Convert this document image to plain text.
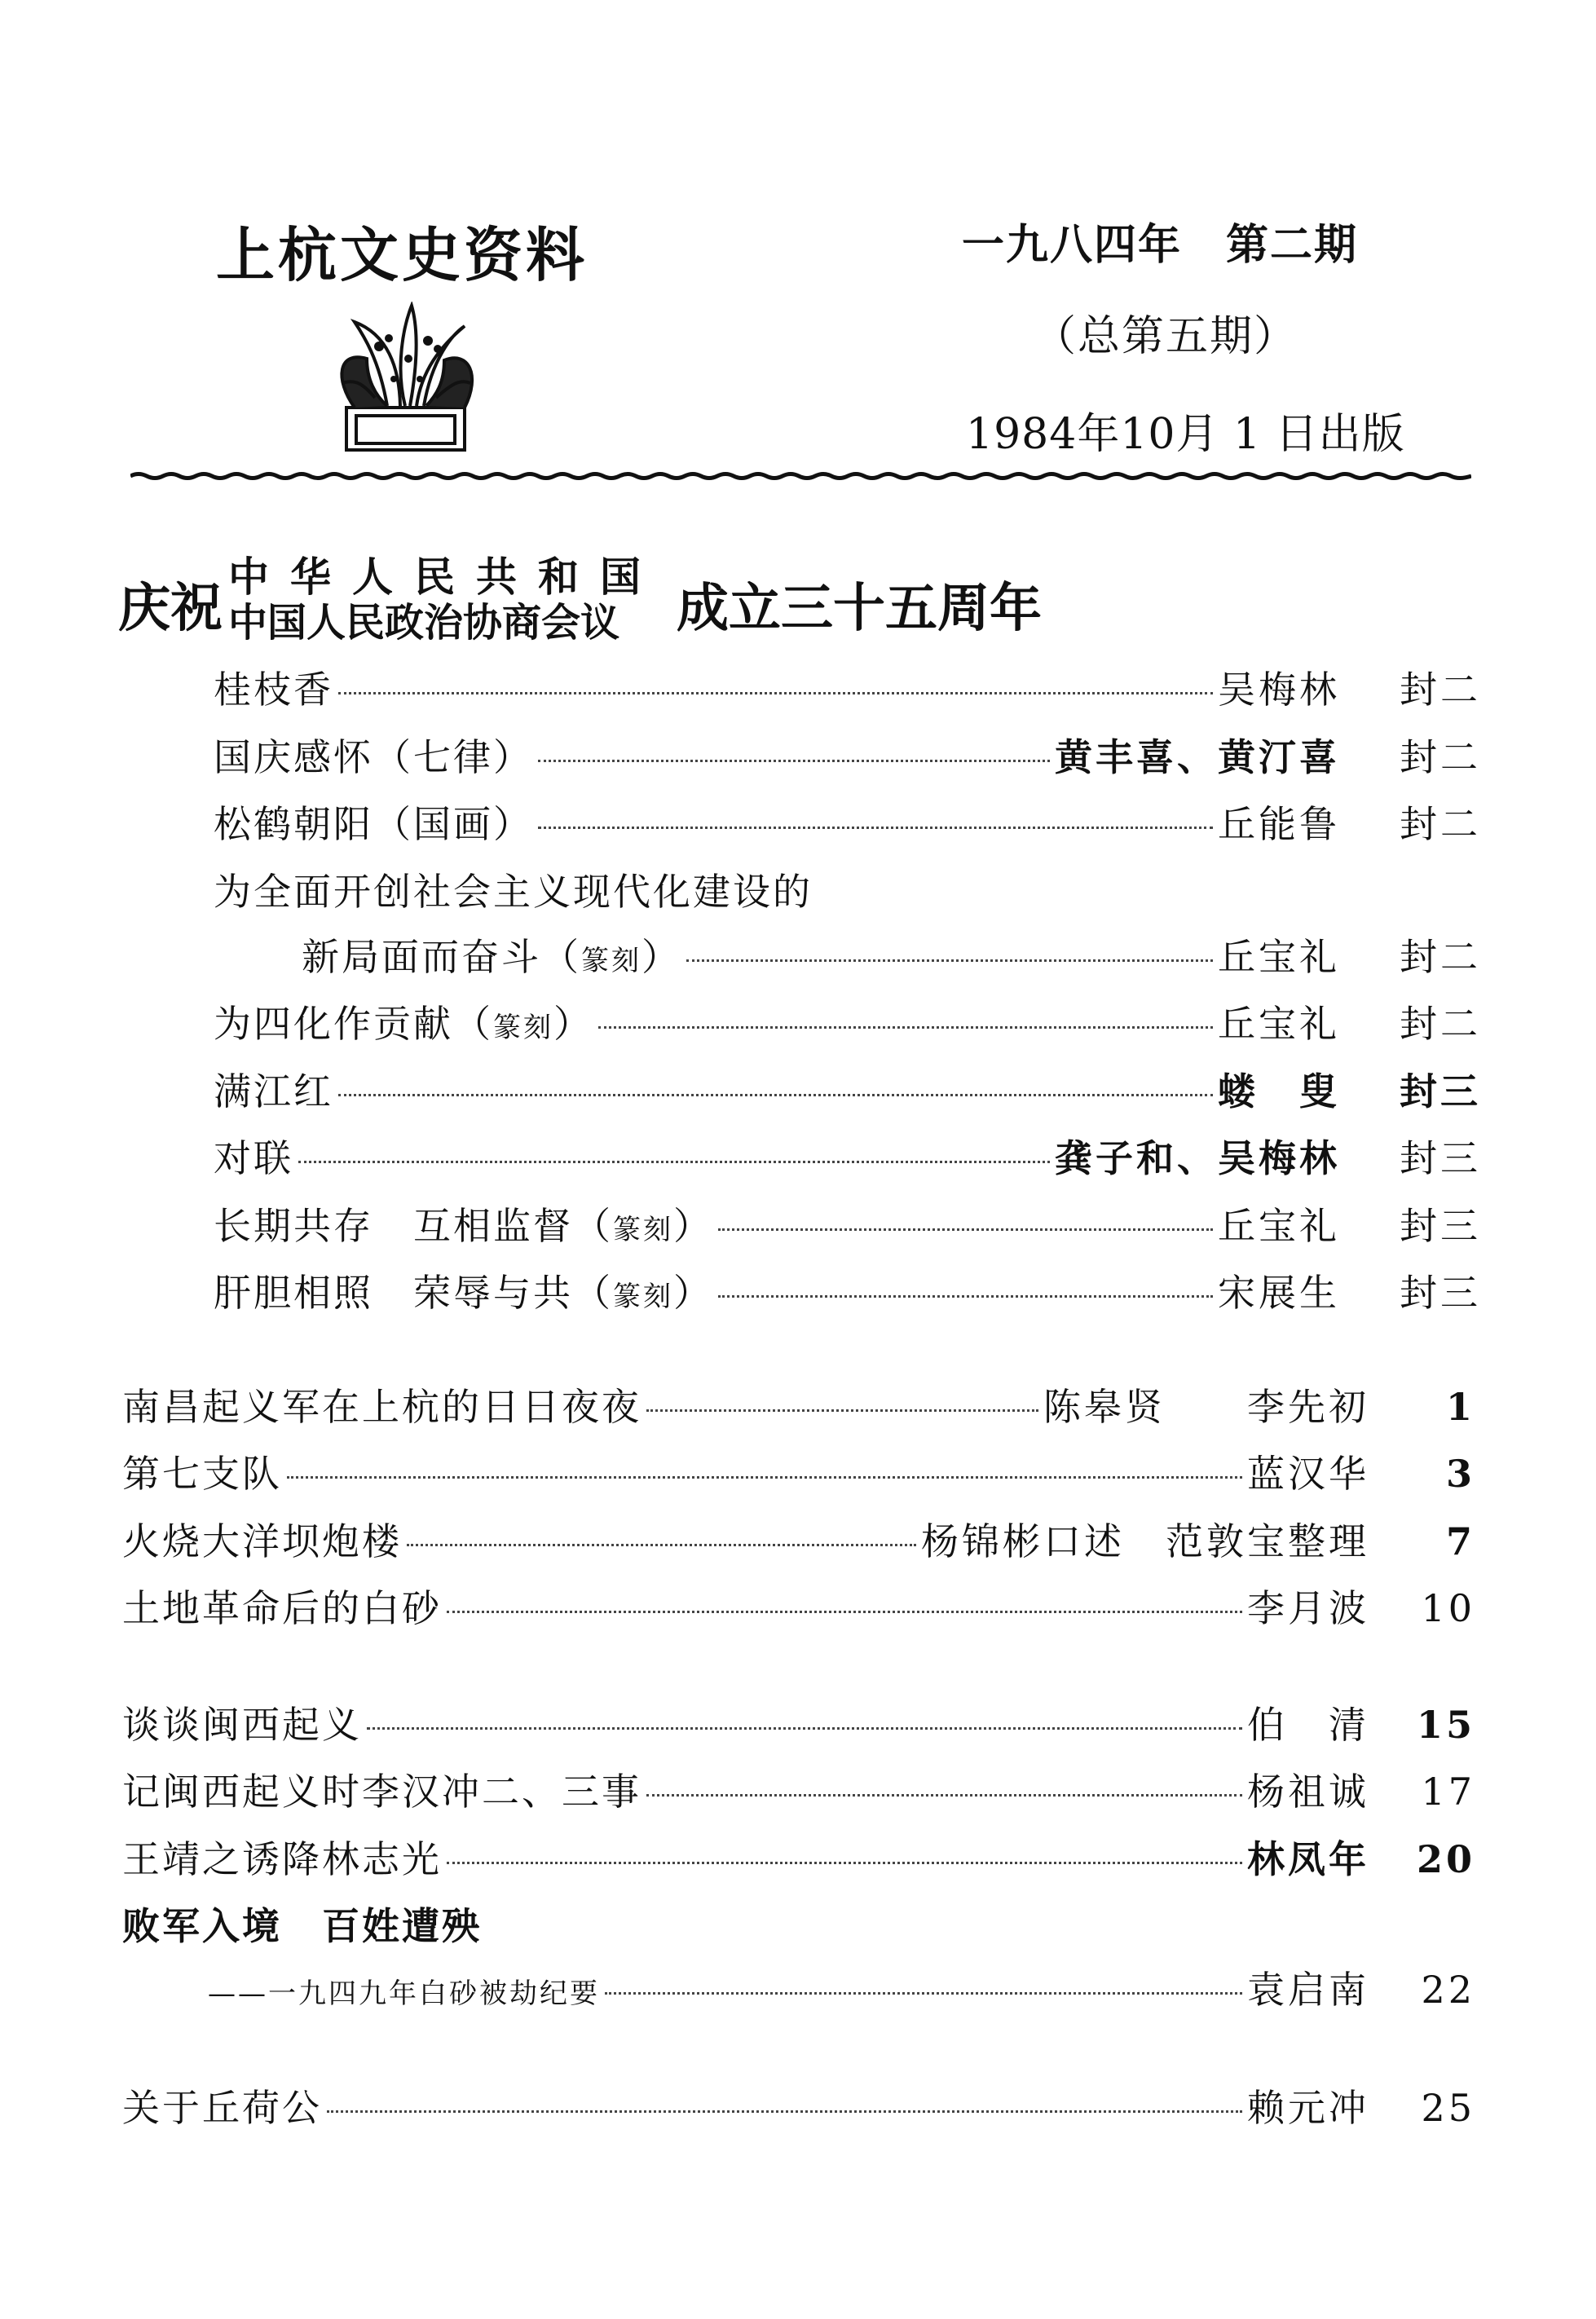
上杭文史资料	一九八四年　第二期
（总第五期）
1984年10月 1 日出版
庆祝
中华人民共和国
中国人民政治协商会议 成立三十五周年
桂枝香	吴梅林	封二
国庆感怀（七律）	黄丰喜、黄汀喜	封二
松鹤朝阳（国画）	丘能鲁	封二
为全面开创社会主义现代化建设的
新局面而奋斗（篆刻）	丘宝礼	封二
为四化作贡献（篆刻）	丘宝礼	封二
满江红	蝼　叟	封三
对联	龚子和、吴梅林	封三
长期共存　互相监督（篆刻）	丘宝礼	封三
肝胆相照　荣辱与共（篆刻）	宋展生	封三
南昌起义军在上杭的日日夜夜	陈皋贤　　李先初	1
第七支队	蓝汉华	3
火烧大洋坝炮楼	杨锦彬口述　范敦宝整理	7
土地革命后的白砂	李月波	10
谈谈闽西起义	伯　清	15
记闽西起义时李汉冲二、三事	杨祖诚	17
王靖之诱降林志光	林凤年	20
败军入境　百姓遭殃
——一九四九年白砂被劫纪要	袁启南	22
关于丘荷公	赖元冲	25
